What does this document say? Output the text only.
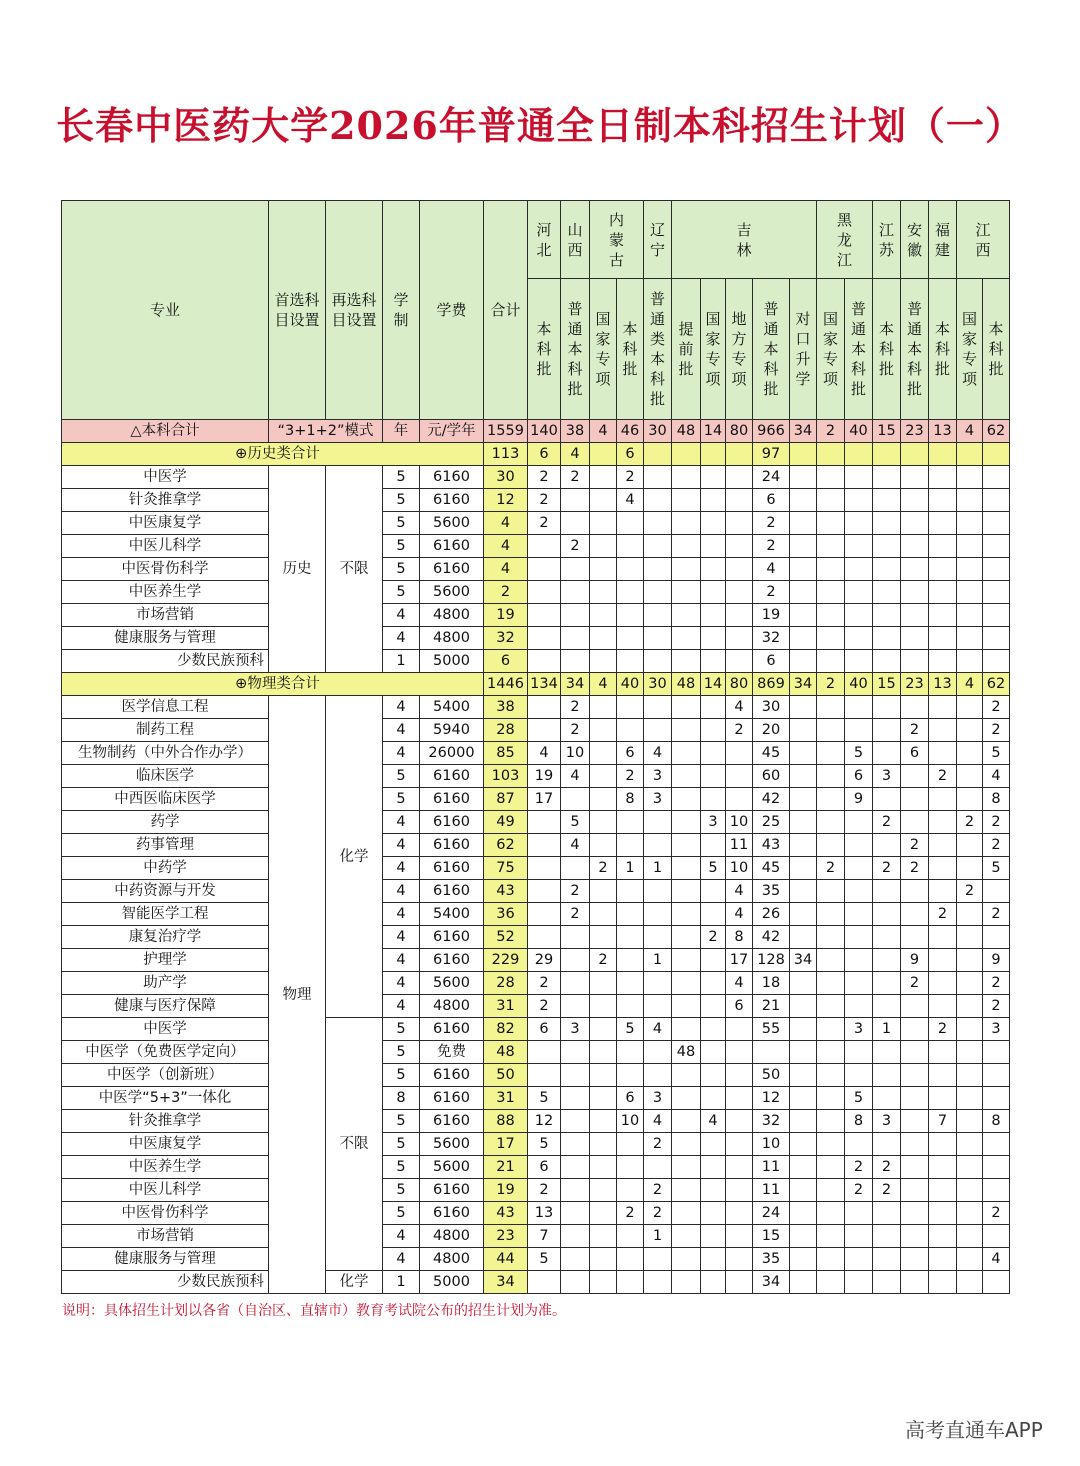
长春中医药大学2026年普通全日制本科招生计划（一）
专业	首选科目设置	再选科目设置	学制	学费	合计	河北	山西	内蒙古		辽宁	吉林					黑龙江		江苏	安徽	福建	江西	
						本科批	普通本科批	国家专项	本科批	普通类本科批	提前批	国家专项	地方专项	普通本科批	对口升学	国家专项	普通本科批	本科批	普通本科批	本科批	国家专项	本科批
△本科合计	“3+1+2”模式		年	元/学年	1559	140	38	4	46	30	48	14	80	966	34	2	40	15	23	13	4	62
⊕历史类合计					113	6	4		6					97								
中医学	历史	不限	5	6160	30	2	2		2					24								
针灸推拿学			5	6160	12	2			4					6								
中医康复学			5	5600	4	2								2								
中医儿科学			5	6160	4		2							2								
中医骨伤科学			5	6160	4									4								
中医养生学			5	5600	2									2								
市场营销			4	4800	19									19								
健康服务与管理			4	4800	32									32								
少数民族预科			1	5000	6									6								
⊕物理类合计					1446	134	34	4	40	30	48	14	80	869	34	2	40	15	23	13	4	62
医学信息工程	物理	化学	4	5400	38		2						4	30								2
制药工程			4	5940	28		2						2	20					2			2
生物制药（中外合作办学）			4	26000	85	4	10		6	4				45			5		6			5
临床医学			5	6160	103	19	4		2	3				60			6	3		2		4
中西医临床医学			5	6160	87	17			8	3				42			9					8
药学			4	6160	49		5					3	10	25				2			2	2
药事管理			4	6160	62		4						11	43					2			2
中药学			4	6160	75			2	1	1		5	10	45		2		2	2			5
中药资源与开发			4	6160	43		2						4	35							2	
智能医学工程			4	5400	36		2						4	26						2		2
康复治疗学			4	6160	52							2	8	42								
护理学			4	6160	229	29		2		1			17	128	34				9			9
助产学			4	5600	28	2							4	18					2			2
健康与医疗保障			4	4800	31	2							6	21								2
中医学		不限	5	6160	82	6	3		5	4				55			3	1		2		3
中医学（免费医学定向）			5	免费	48						48											
中医学（创新班）			5	6160	50									50								
中医学“5+3”一体化			8	6160	31	5			6	3				12			5					
针灸推拿学			5	6160	88	12			10	4		4		32			8	3		7		8
中医康复学			5	5600	17	5				2				10								
中医养生学			5	5600	21	6								11			2	2				
中医儿科学			5	6160	19	2				2				11			2	2				
中医骨伤科学			5	6160	43	13			2	2				24								2
市场营销			4	4800	23	7				1				15								
健康服务与管理			4	4800	44	5								35								4
少数民族预科		化学	1	5000	34									34								
说明：具体招生计划以各省（自治区、直辖市）教育考试院公布的招生计划为准。
高考直通车APP
